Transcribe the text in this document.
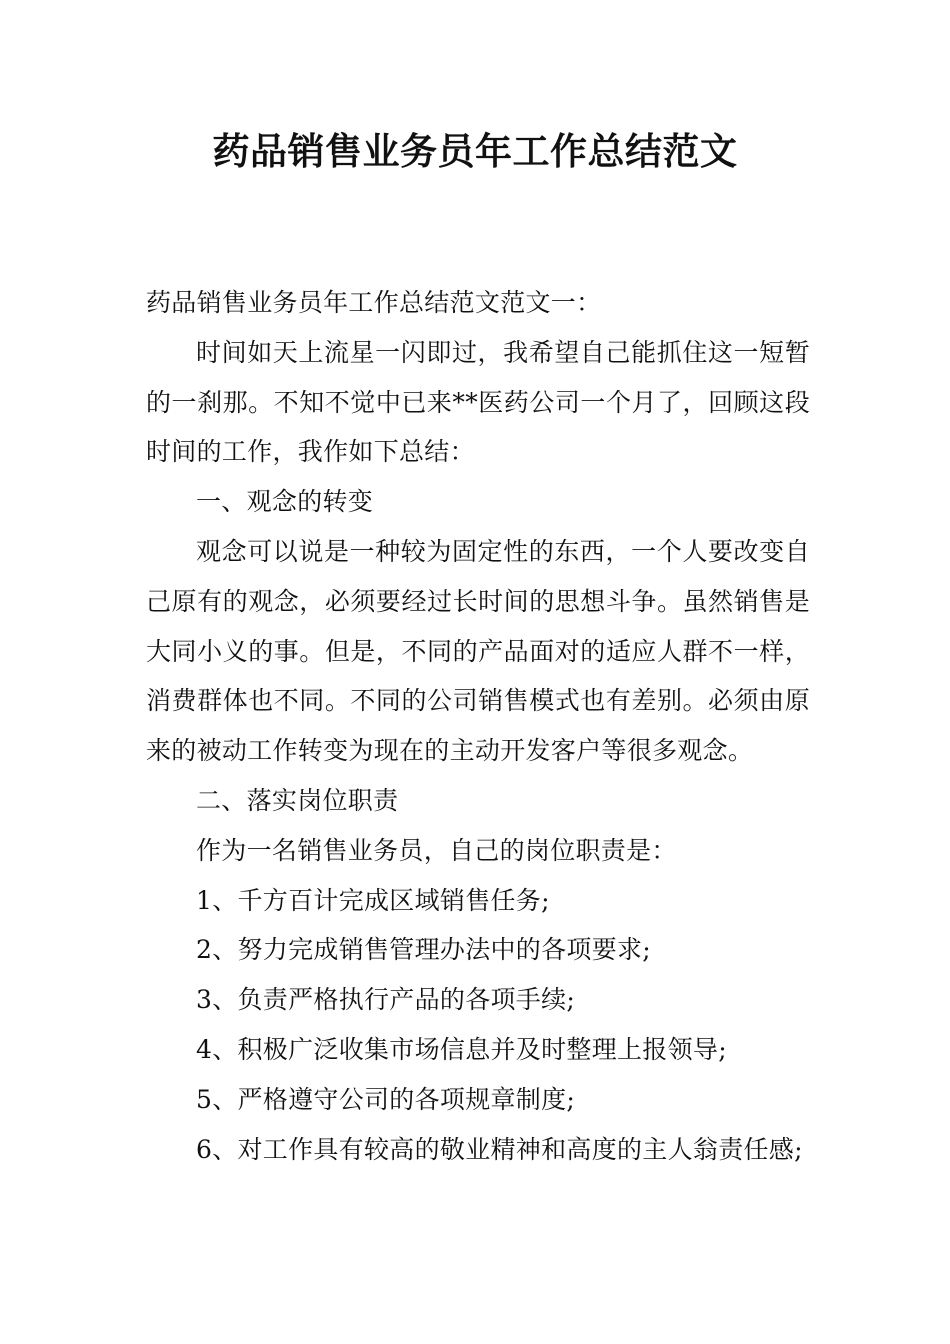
药品销售业务员年工作总结范文

药品销售业务员年工作总结范文范文一：

时间如天上流星一闪即过，我希望自己能抓住这一短暂的一刹那。不知不觉中已来**医药公司一个月了，回顾这段时间的工作，我作如下总结：

一、观念的转变

观念可以说是一种较为固定性的东西，一个人要改变自己原有的观念，必须要经过长时间的思想斗争。虽然销售是大同小义的事。但是，不同的产品面对的适应人群不一样，消费群体也不同。不同的公司销售模式也有差别。必须由原来的被动工作转变为现在的主动开发客户等很多观念。

二、落实岗位职责

作为一名销售业务员，自己的岗位职责是：

1、千方百计完成区域销售任务;

2、努力完成销售管理办法中的各项要求;

3、负责严格执行产品的各项手续;

4、积极广泛收集市场信息并及时整理上报领导;

5、严格遵守公司的各项规章制度;

6、对工作具有较高的敬业精神和高度的主人翁责任感;
